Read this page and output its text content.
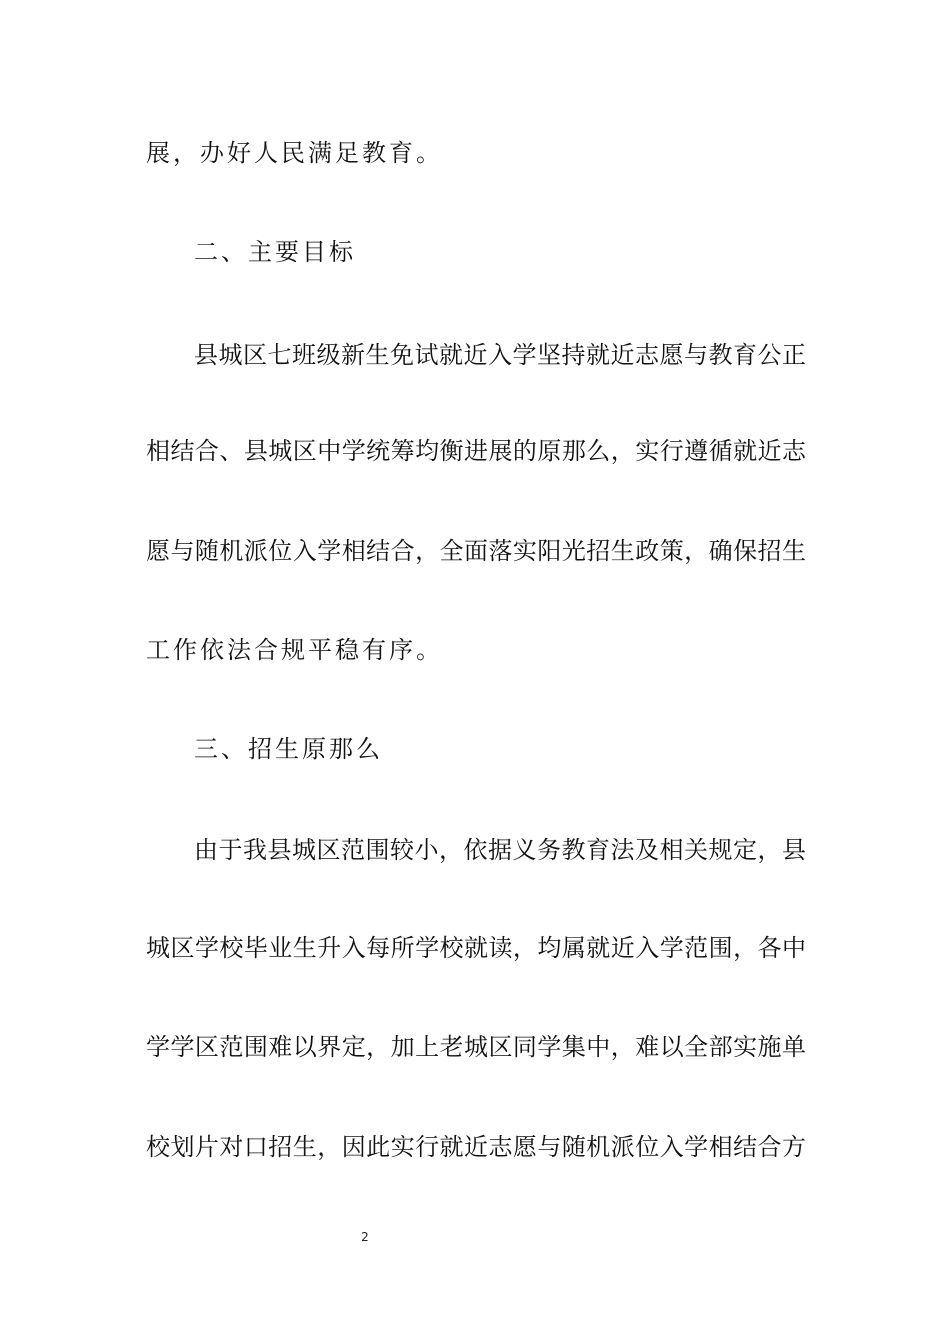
展，办好人民满足教育。
二、主要目标
县城区七班级新生免试就近入学坚持就近志愿与教育公正
相结合、县城区中学统筹均衡进展的原那么，实行遵循就近志
愿与随机派位入学相结合，全面落实阳光招生政策，确保招生
工作依法合规平稳有序。
三、招生原那么
由于我县城区范围较小，依据义务教育法及相关规定，县
城区学校毕业生升入每所学校就读，均属就近入学范围，各中
学学区范围难以界定，加上老城区同学集中，难以全部实施单
校划片对口招生，因此实行就近志愿与随机派位入学相结合方
2
